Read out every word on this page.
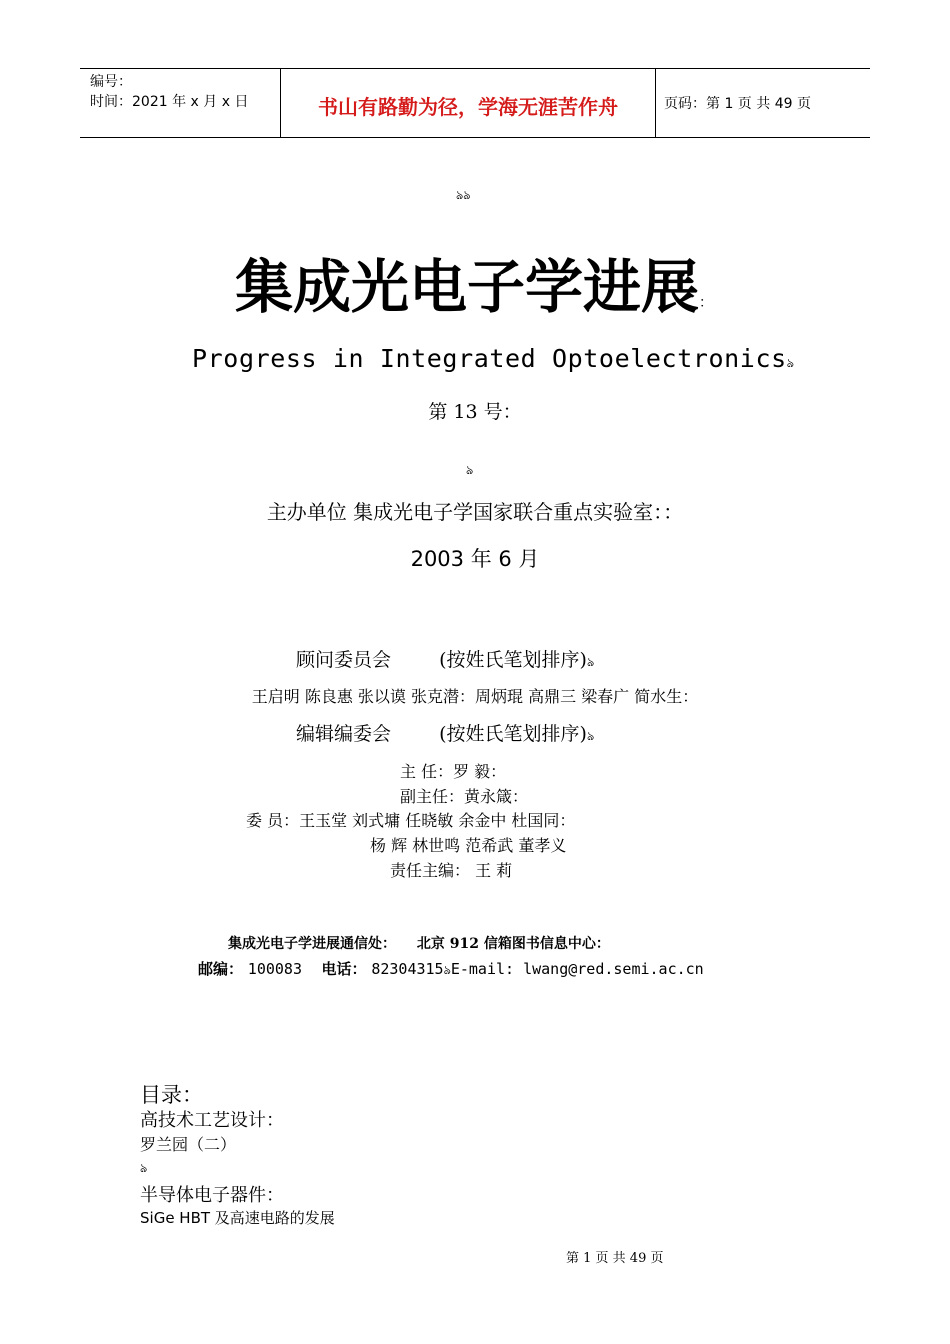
编号：
时间：2021 年 x 月 x 日	书山有路勤为径，学海无涯苦作舟	页码：第 1 页 共 49 页
ঌঌ
集成光电子学进展：
Progress in Integrated Optoelectronicsঌ
第 13 号：
ঌ
主办单位 集成光电子学国家联合重点实验室：：
2003 年 6 月
顾问委员会	(按姓氏笔划排序)ঌ
王启明 陈良惠 张以谟 张克潜：周炳琨 高鼎三 梁春广 简水生：
编辑编委会	(按姓氏笔划排序)ঌ
主 任：罗 毅：
副主任：黄永箴：
委 员：王玉堂 刘式墉 任晓敏 余金中 杜国同：
杨 辉 林世鸣 范希武 董孝义
责任主编： 王 莉
集成光电子学进展通信处： 北京 912 信箱图书信息中心：
邮编： 100083 电话： 82304315ঌE-mail: lwang@red.semi.ac.cn
目录：
高技术工艺设计：
罗兰园（二）
ঌ
半导体电子器件：
SiGe HBT 及高速电路的发展
第 1 页 共 49 页
